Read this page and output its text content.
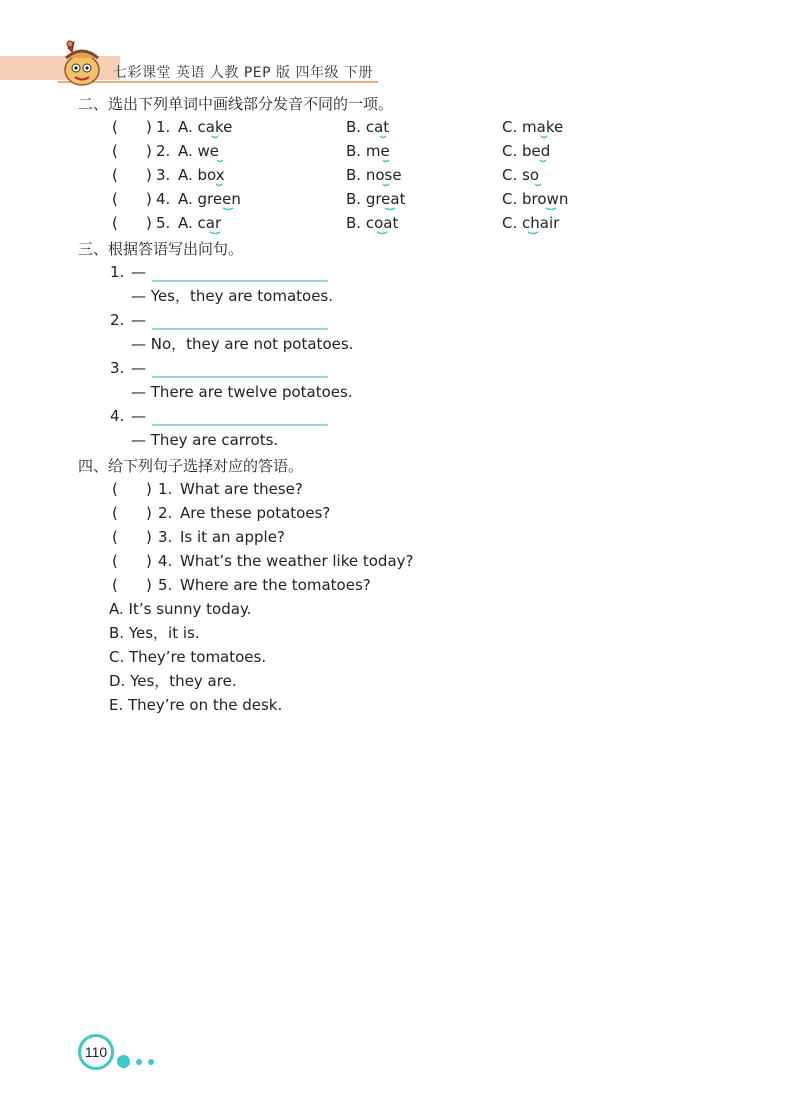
七彩课堂 英语 人教 PEP 版 四年级 下册
二、选出下列单词中画线部分发音不同的一项。
( ) 1. A. cake	B. cat	C. make
( ) 2. A. we	B. me	C. bed
( ) 3. A. box	B. nose	C. so
( ) 4. A. green	B. great	C. brown
( ) 5. A. car	B. coat	C. chair
三、根据答语写出问句。
1. —
— Yes，they are tomatoes.
2. —
— No，they are not potatoes.
3. —
— There are twelve potatoes.
4. —
— They are carrots.
四、给下列句子选择对应的答语。
( ) 1. What are these?
( ) 2. Are these potatoes?
( ) 3. Is it an apple?
( ) 4. What’s the weather like today?
( ) 5. Where are the tomatoes?
A. It’s sunny today.
B. Yes，it is.
C. They’re tomatoes.
D. Yes，they are.
E. They’re on the desk.
110
